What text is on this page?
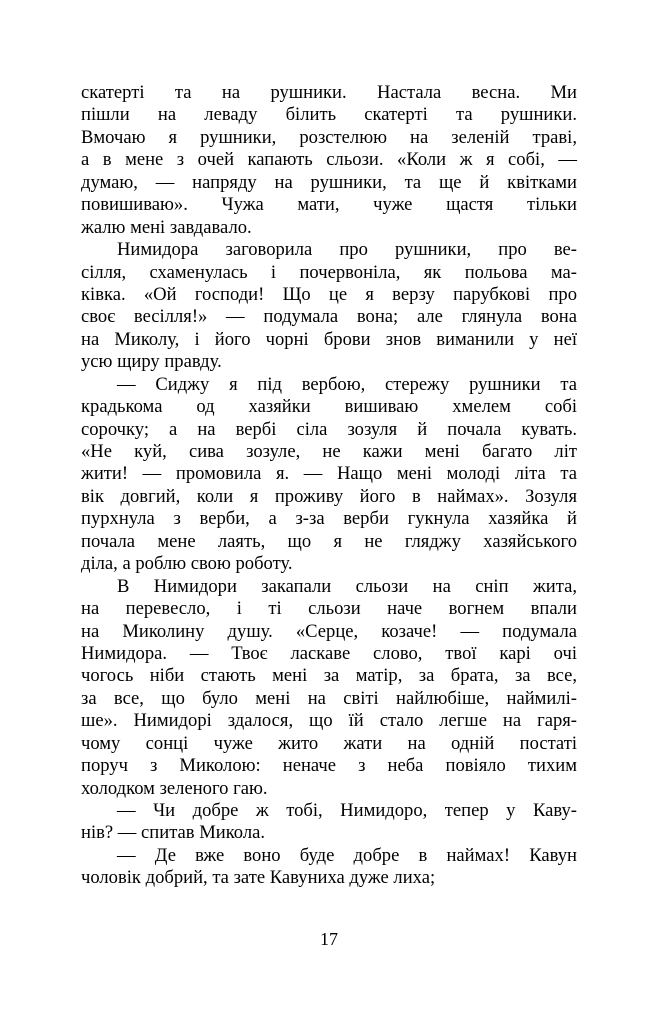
скатерті та на рушники. Настала весна. Ми
пішли на леваду білить скатерті та рушники.
Вмочаю я рушники, розстелюю на зеленій траві,
а в мене з очей капають сльози. «Коли ж я собі, —
думаю, — напряду на рушники, та ще й квітками
повишиваю». Чужа мати, чуже щастя тільки
жалю мені завдавало.
Нимидора заговорила про рушники, про ве-
сілля, схаменулась і почервоніла, як польова ма-
ківка. «Ой господи! Що це я верзу парубкові про
своє весілля!» — подумала вона; але глянула вона
на Миколу, і його чорні брови знов виманили у неї
усю щиру правду.
— Сиджу я під вербою, стережу рушники та
крадькома од хазяйки вишиваю хмелем собі
сорочку; а на вербі сіла зозуля й почала кувать.
«Не куй, сива зозуле, не кажи мені багато літ
жити! — промовила я. — Нащо мені молоді літа та
вік довгий, коли я проживу його в наймах». Зозуля
пурхнула з верби, а з-за верби гукнула хазяйка й
почала мене лаять, що я не гляджу хазяйського
діла, а роблю свою роботу.
В Нимидори закапали сльози на сніп жита,
на перевесло, і ті сльози наче вогнем впали
на Миколину душу. «Серце, козаче! — подумала
Нимидора. — Твоє ласкаве слово, твої карі очі
чогось ніби стають мені за матір, за брата, за все,
за все, що було мені на світі найлюбіше, наймилі-
ше». Нимидорі здалося, що їй стало легше на гаря-
чому сонці чуже жито жати на одній постаті
поруч з Миколою: неначе з неба повіяло тихим
холодком зеленого гаю.
— Чи добре ж тобі, Нимидоро, тепер у Каву-
нів? — спитав Микола.
— Де вже воно буде добре в наймах! Кавун
чоловік добрий, та зате Кавуниха дуже лиха;
17
